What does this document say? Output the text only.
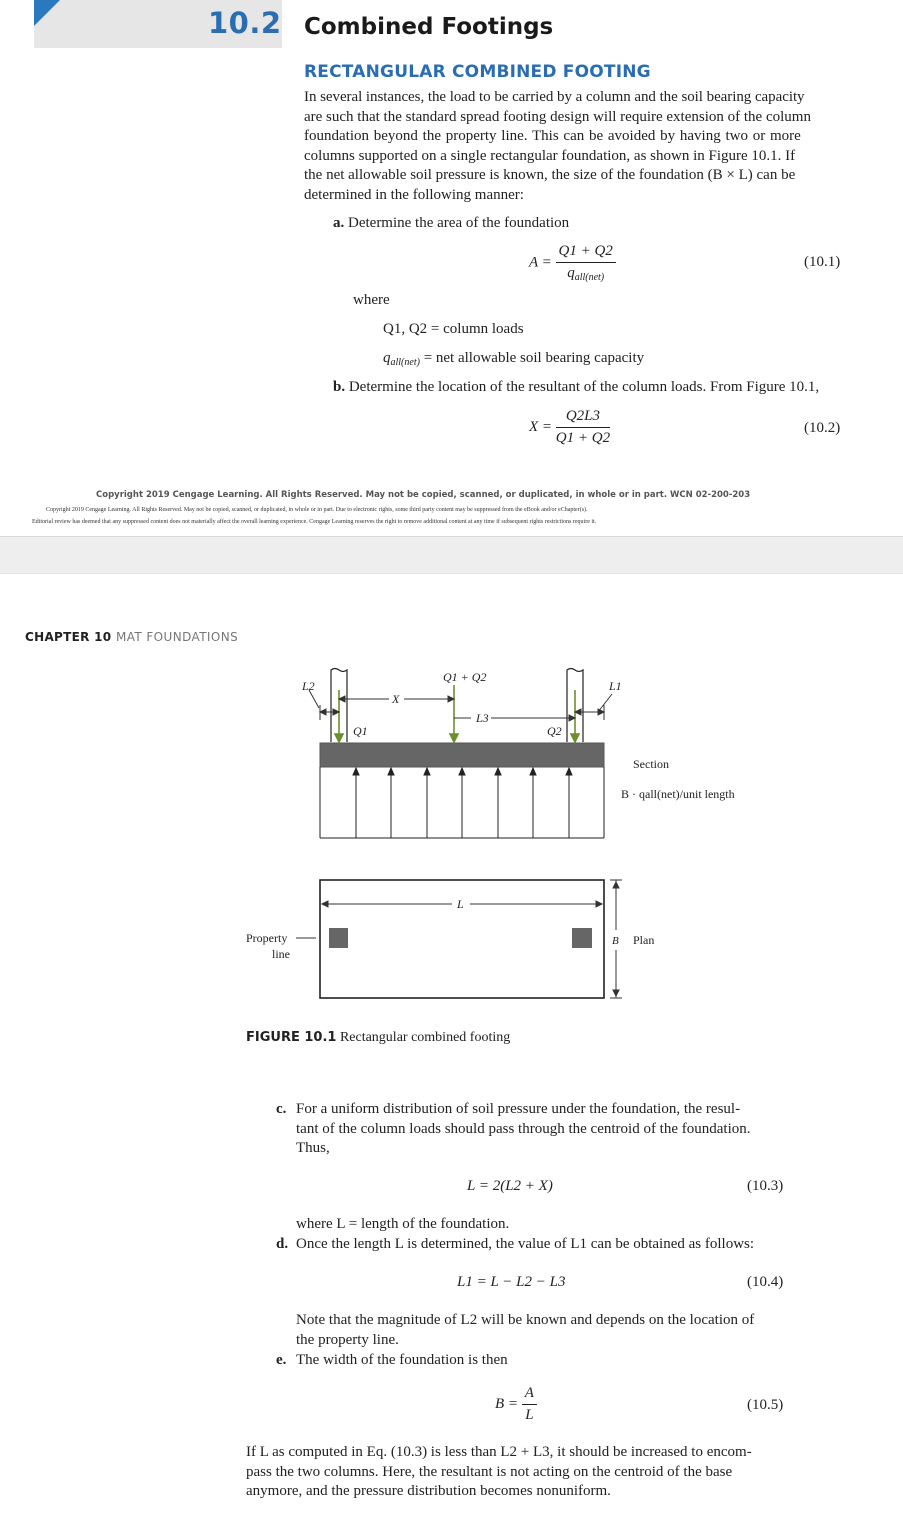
10.2 Combined Footings
RECTANGULAR COMBINED FOOTING
In several instances, the load to be carried by a column and the soil bearing capacity
are such that the standard spread footing design will require extension of the column
foundation beyond the property line. This can be avoided by having two or more
columns supported on a single rectangular foundation, as shown in Figure 10.1. If
the net allowable soil pressure is known, the size of the foundation (B × L) can be
determined in the following manner:
a. Determine the area of the foundation
$A = \frac{Q1 + Q2}{q_{all(net)}}$	(10.1)
where
Q1, Q2 = column loads
$q_{all(net)}$ = net allowable soil bearing capacity
b. Determine the location of the resultant of the column loads. From Figure 10.1,
$X = \frac{Q2L3}{Q1 + Q2}$	(10.2)
Copyright 2019 Cengage Learning. All Rights Reserved. May not be copied, scanned, or duplicated, in whole or in part. WCN 02-200-203
Copyright 2019 Cengage Learning. All Rights Reserved. May not be copied, scanned, or duplicated, in whole or in part. Due to electronic rights, some third party content may be suppressed from the eBook and/or eChapter(s).
Editorial review has deemed that any suppressed content does not materially affect the overall learning experience. Cengage Learning reserves the right to remove additional content at any time if subsequent rights restrictions require it.
CHAPTER 10 MAT FOUNDATIONS
L2	L1
L3
X
Q1	Q2
Q1 + Q2
L
B
Section
B · qall(net)/unit length
Plan
Property
line
FIGURE 10.1 Rectangular combined footing
c. For a uniform distribution of soil pressure under the foundation, the resul-
tant of the column loads should pass through the centroid of the foundation.
Thus,
L = 2(L2 + X)	(10.3)
where L = length of the foundation.
d. Once the length L is determined, the value of L1 can be obtained as follows:
L1 = L − L2 − L3	(10.4)
Note that the magnitude of L2 will be known and depends on the location of
the property line.
e. The width of the foundation is then
$B = \frac{A}{L}$	(10.5)
If L as computed in Eq. (10.3) is less than L2 + L3, it should be increased to encom-
pass the two columns. Here, the resultant is not acting on the centroid of the base
anymore, and the pressure distribution becomes nonuniform.
